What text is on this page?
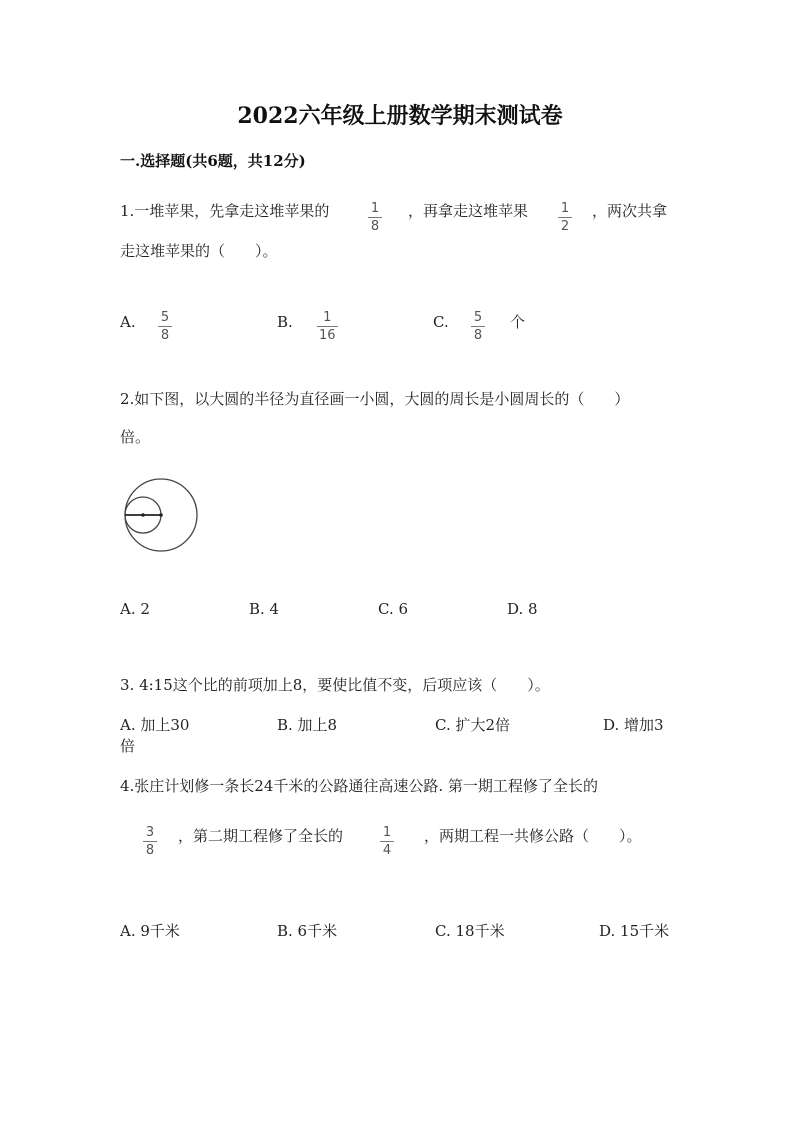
2022六年级上册数学期末测试卷
一.选择题(共6题，共12分)
1.一堆苹果，先拿走这堆苹果的	$\frac{1}{8}$ ，再拿走这堆苹果 $\frac{1}{2}$ ，两次共拿
走这堆苹果的（　　）。
A. $\frac{5}{8}$	B. $\frac{1}{16}$	C. $\frac{5}{8}$ 个
2.如下图，以大圆的半径为直径画一小圆，大圆的周长是小圆周长的（　　）
倍。
A. 2	B. 4	C. 6	D. 8
3. 4:15这个比的前项加上8，要使比值不变，后项应该（　　）。
A. 加上30	B. 加上8	C. 扩大2倍	D. 增加3
倍
4.张庄计划修一条长24千米的公路通往高速公路. 第一期工程修了全长的
$\frac{3}{8}$ ，第二期工程修了全长的	$\frac{1}{4}$ ，两期工程一共修公路（　　）。
A. 9千米	B. 6千米	C. 18千米	D. 15千米
